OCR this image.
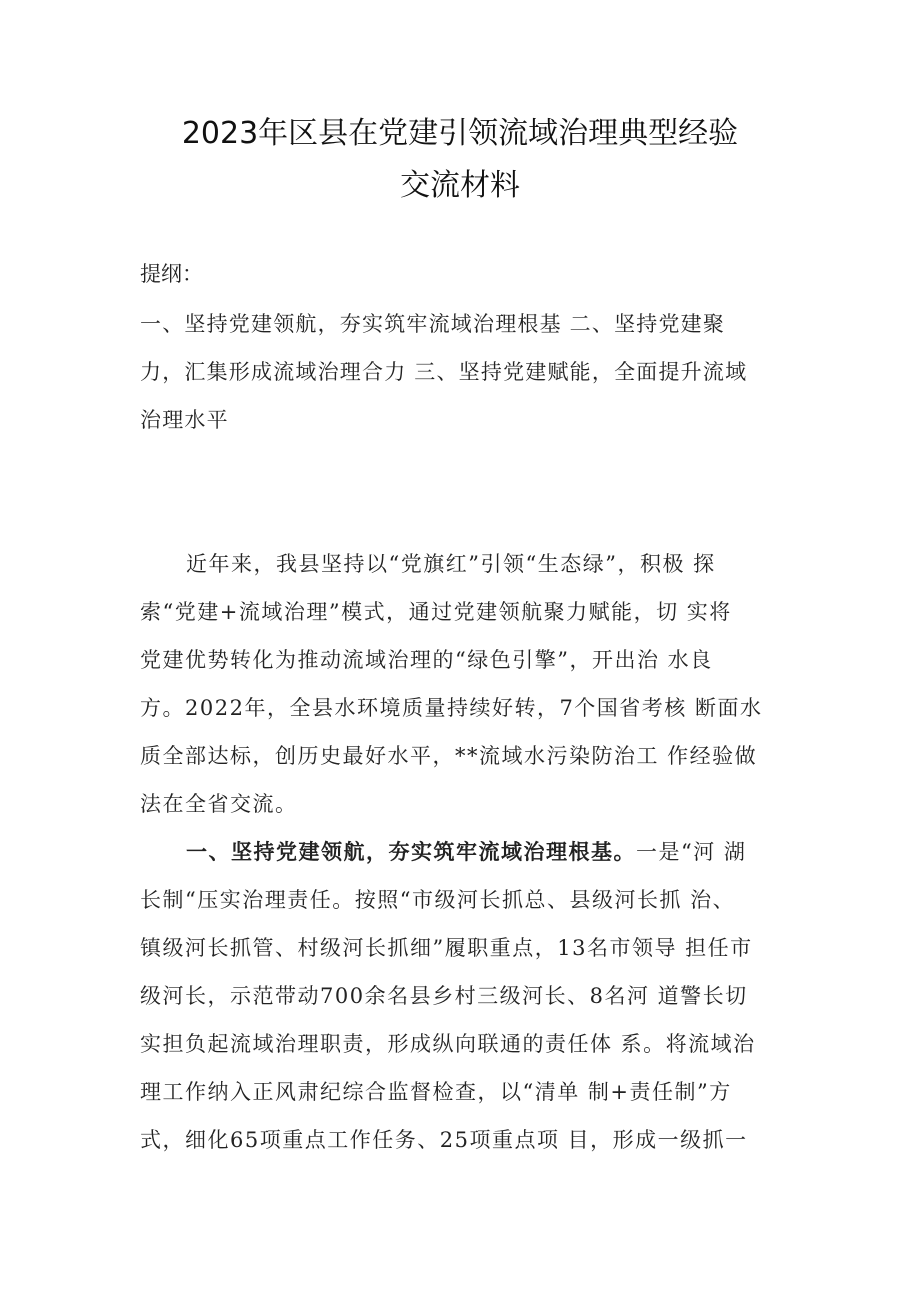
2023年区县在党建引领流域治理典型经验
交流材料

提纲：

一、坚持党建领航，夯实筑牢流域治理根基 二、坚持党建聚

力，汇集形成流域治理合力 三、坚持党建赋能，全面提升流域

治理水平

近年来，我县坚持以“党旗红”引领“生态绿”，积极 探

索“党建+流域治理”模式，通过党建领航聚力赋能，切 实将

党建优势转化为推动流域治理的“绿色引擎”，开出治 水良

方。2022年，全县水环境质量持续好转，7个国省考核 断面水

质全部达标，创历史最好水平，**流域水污染防治工 作经验做

法在全省交流。

一、坚持党建领航，夯实筑牢流域治理根基。一是“河 湖

长制“压实治理责任。按照“市级河长抓总、县级河长抓 治、

镇级河长抓管、村级河长抓细”履职重点，13名市领导 担任市

级河长，示范带动700余名县乡村三级河长、8名河 道警长切

实担负起流域治理职责，形成纵向联通的责任体 系。将流域治

理工作纳入正风肃纪综合监督检查，以“清单 制+责任制”方

式，细化65项重点工作任务、25项重点项 目，形成一级抓一
